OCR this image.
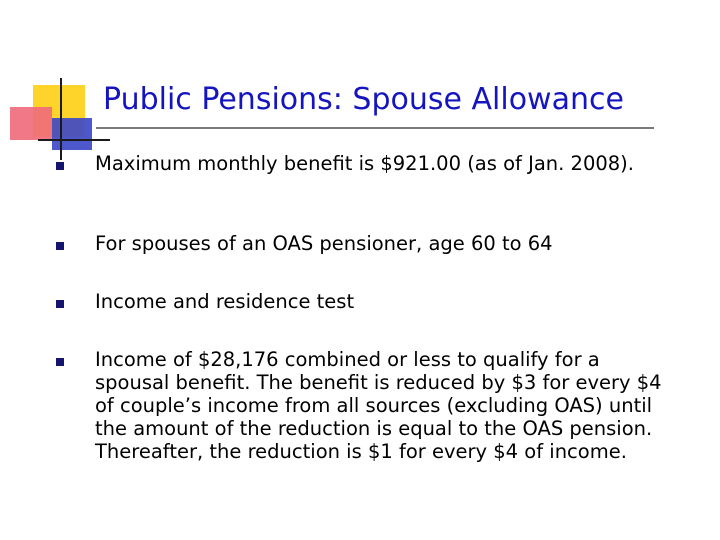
Public Pensions: Spouse Allowance

Maximum monthly benefit is $921.00 (as of Jan. 2008).

For spouses of an OAS pensioner, age 60 to 64

Income and residence test

Income of $28,176 combined or less to qualify for a spousal benefit. The benefit is reduced by $3 for every $4 of couple’s income from all sources (excluding OAS) until the amount of the reduction is equal to the OAS pension. Thereafter, the reduction is $1 for every $4 of income.
